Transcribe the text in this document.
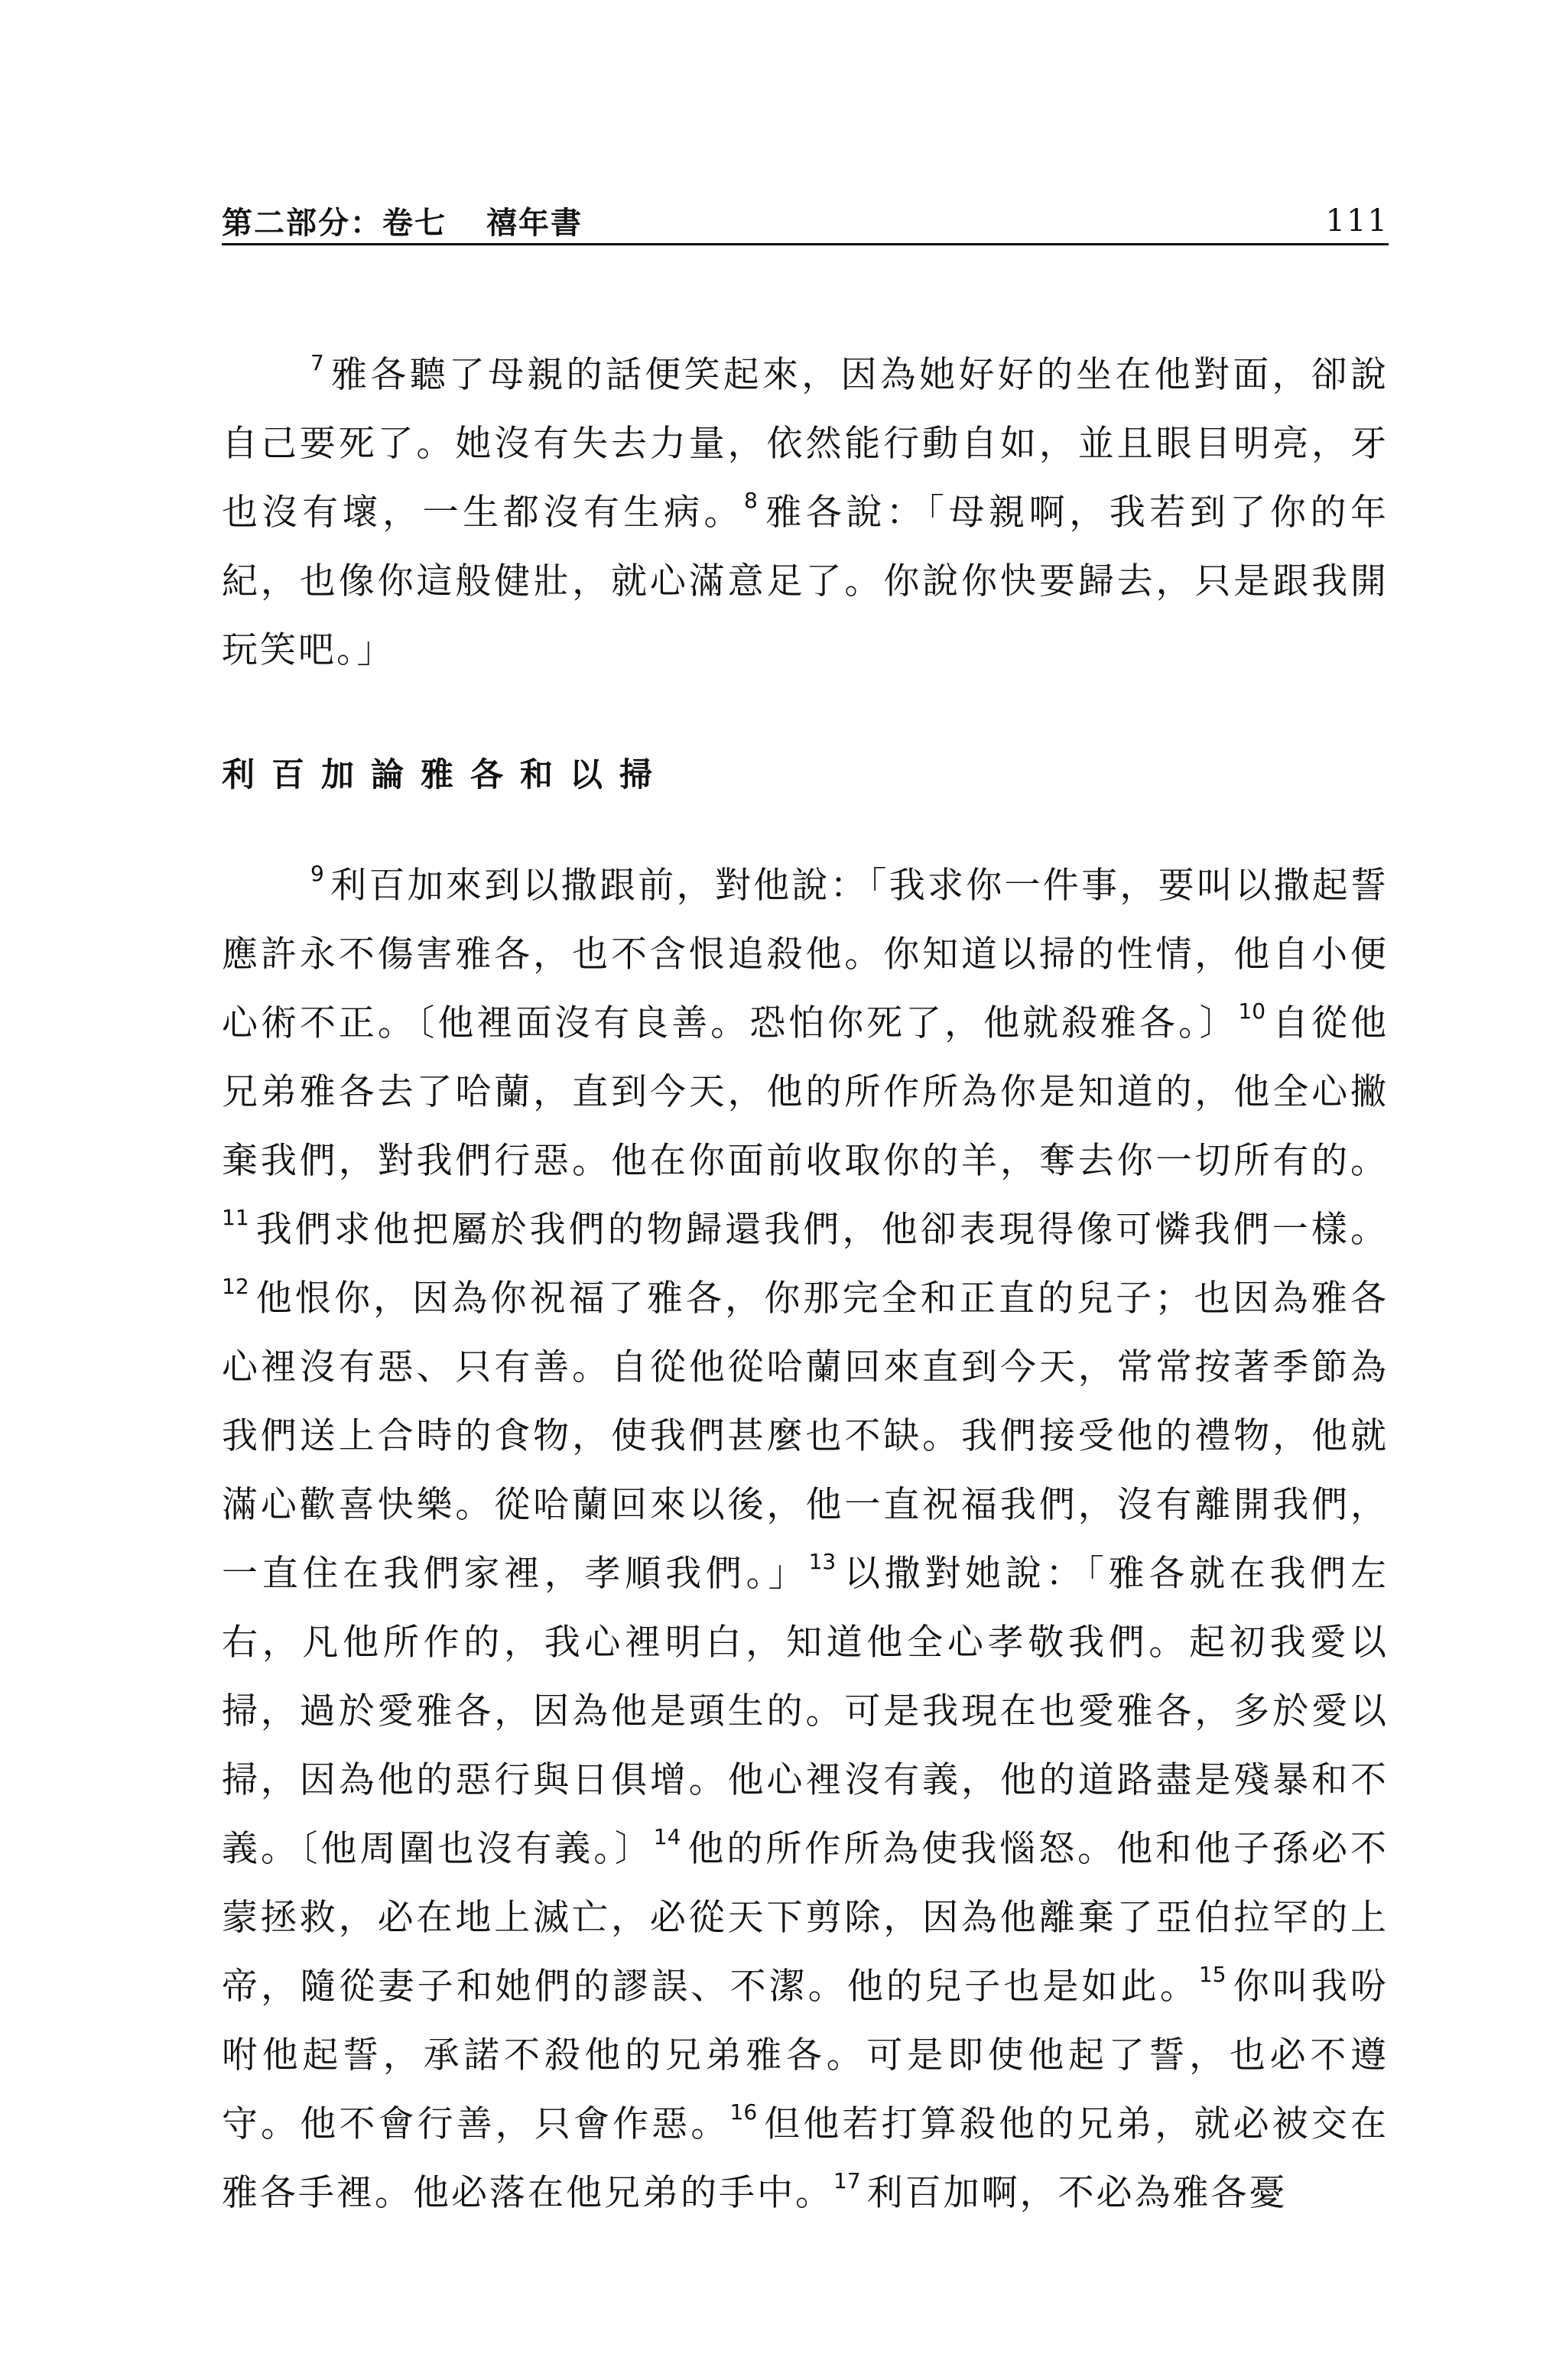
第二部分：卷七 禧年書	111
$^7$ 雅各聽了母親的話便笑起來，因為她好好的坐在他對面，卻說自己要死了。她沒有失去力量，依然能行動自如，並且眼目明亮，牙也沒有壞，一生都沒有生病。$^8$ 雅各說：「母親啊，我若到了你的年紀，也像你這般健壯，就心滿意足了。你說你快要歸去，只是跟我開玩笑吧。」
利百加論雅各和以掃
$^9$ 利百加來到以撒跟前，對他說：「我求你一件事，要叫以撒起誓應許永不傷害雅各，也不含恨追殺他。你知道以掃的性情，他自小便心術不正。〔他裡面沒有良善。恐怕你死了，他就殺雅各。〕$^{10}$ 自從他兄弟雅各去了哈蘭，直到今天，他的所作所為你是知道的，他全心撇棄我們，對我們行惡。他在你面前收取你的羊，奪去你一切所有的。$^{11}$ 我們求他把屬於我們的物歸還我們，他卻表現得像可憐我們一樣。$^{12}$ 他恨你，因為你祝福了雅各，你那完全和正直的兒子；也因為雅各心裡沒有惡、只有善。自從他從哈蘭回來直到今天，常常按著季節為我們送上合時的食物，使我們甚麼也不缺。我們接受他的禮物，他就滿心歡喜快樂。從哈蘭回來以後，他一直祝福我們，沒有離開我們，一直住在我們家裡，孝順我們。」$^{13}$ 以撒對她說：「雅各就在我們左右，凡他所作的，我心裡明白，知道他全心孝敬我們。起初我愛以掃，過於愛雅各，因為他是頭生的。可是我現在也愛雅各，多於愛以掃，因為他的惡行與日俱增。他心裡沒有義，他的道路盡是殘暴和不義。〔他周圍也沒有義。〕$^{14}$ 他的所作所為使我惱怒。他和他子孫必不蒙拯救，必在地上滅亡，必從天下剪除，因為他離棄了亞伯拉罕的上帝，隨從妻子和她們的謬誤、不潔。他的兒子也是如此。$^{15}$ 你叫我吩咐他起誓，承諾不殺他的兄弟雅各。可是即使他起了誓，也必不遵守。他不會行善，只會作惡。$^{16}$ 但他若打算殺他的兄弟，就必被交在雅各手裡。他必落在他兄弟的手中。$^{17}$ 利百加啊，不必為雅各憂
